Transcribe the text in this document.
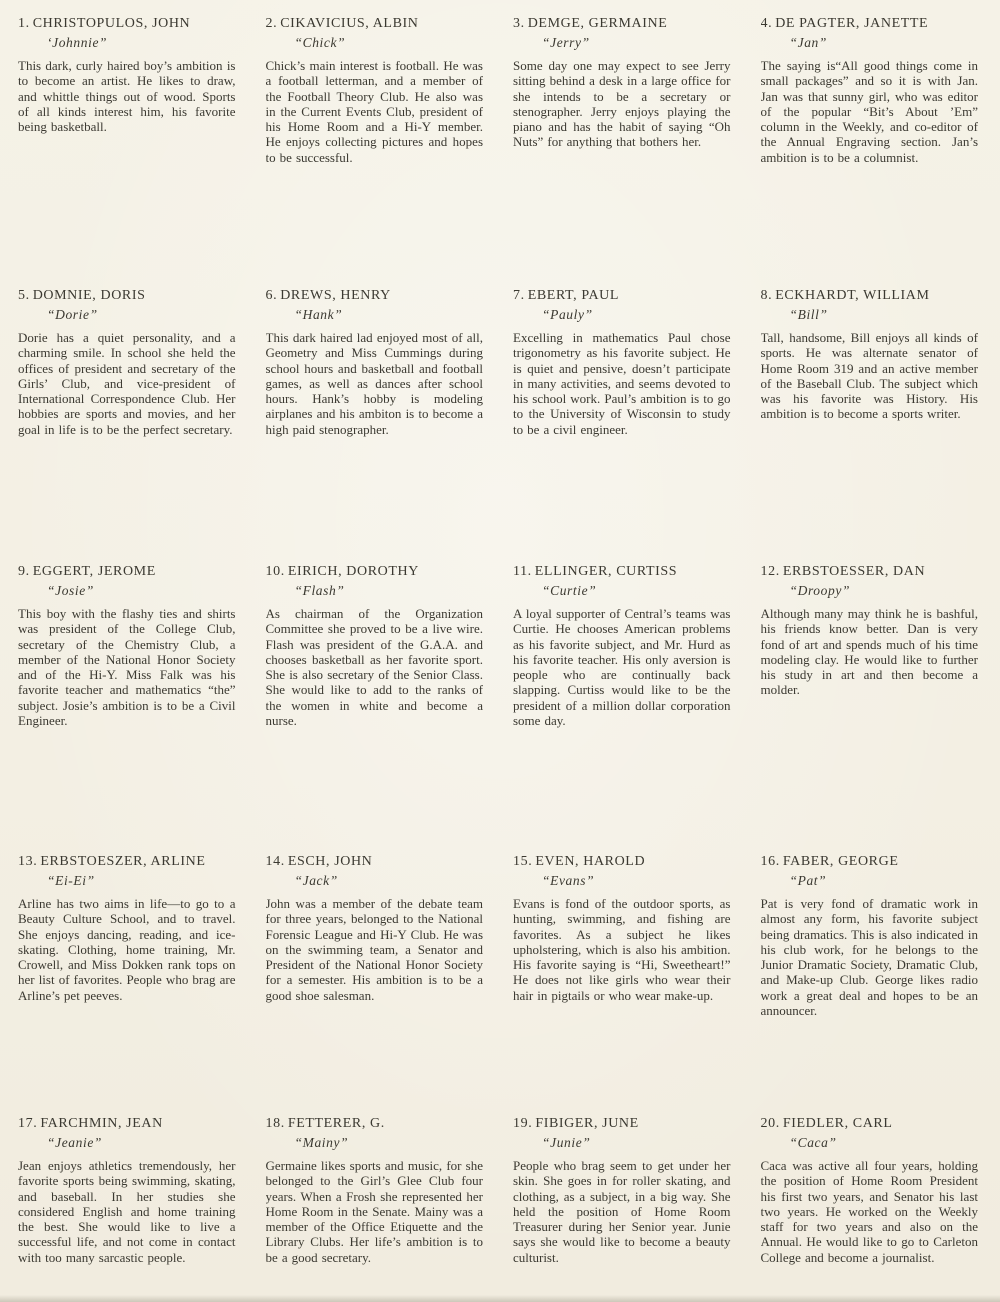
1. CHRISTOPULOS, JOHN
‘Johnnie”

This dark, curly haired boy’s ambition is to become an artist. He likes to draw, and whittle things out of wood. Sports of all kinds interest him, his favorite being basketball.

2. CIKAVICIUS, ALBIN
“Chick”

Chick’s main interest is football. He was a football letterman, and a member of the Football Theory Club. He also was in the Current Events Club, president of his Home Room and a Hi-Y member. He enjoys collecting pictures and hopes to be successful.

3. DEMGE, GERMAINE
“Jerry”

Some day one may expect to see Jerry sitting behind a desk in a large office for she intends to be a secretary or stenographer. Jerry enjoys playing the piano and has the habit of saying “Oh Nuts” for anything that bothers her.

4. DE PAGTER, JANETTE
“Jan”

The saying is“All good things come in small packages” and so it is with Jan. Jan was that sunny girl, who was editor of the popular “Bit’s About ’Em” column in the Weekly, and co-editor of the Annual Engraving section. Jan’s ambition is to be a columnist.

5. DOMNIE, DORIS
“Dorie”

Dorie has a quiet personality, and a charming smile. In school she held the offices of president and secretary of the Girls’ Club, and vice-president of International Correspondence Club. Her hobbies are sports and movies, and her goal in life is to be the perfect secretary.

6. DREWS, HENRY
“Hank”

This dark haired lad enjoyed most of all, Geometry and Miss Cummings during school hours and basketball and football games, as well as dances after school hours. Hank’s hobby is modeling airplanes and his ambiton is to become a high paid stenographer.

7. EBERT, PAUL
“Pauly”

Excelling in mathematics Paul chose trigonometry as his favorite subject. He is quiet and pensive, doesn’t participate in many activities, and seems devoted to his school work. Paul’s ambition is to go to the University of Wisconsin to study to be a civil engineer.

8. ECKHARDT, WILLIAM
“Bill”

Tall, handsome, Bill enjoys all kinds of sports. He was alternate senator of Home Room 319 and an active member of the Baseball Club. The subject which was his favorite was History. His ambition is to become a sports writer.

9. EGGERT, JEROME
“Josie”

This boy with the flashy ties and shirts was president of the College Club, secretary of the Chemistry Club, a member of the National Honor Society and of the Hi-Y. Miss Falk was his favorite teacher and mathematics “the” subject. Josie’s ambition is to be a Civil Engineer.

10. EIRICH, DOROTHY
“Flash”

As chairman of the Organization Committee she proved to be a live wire. Flash was president of the G.A.A. and chooses basketball as her favorite sport. She is also secretary of the Senior Class. She would like to add to the ranks of the women in white and become a nurse.

11. ELLINGER, CURTISS
“Curtie”

A loyal supporter of Central’s teams was Curtie. He chooses American problems as his favorite subject, and Mr. Hurd as his favorite teacher. His only aversion is people who are continually back slapping. Curtiss would like to be the president of a million dollar corporation some day.

12. ERBSTOESSER, DAN
“Droopy”

Although many may think he is bashful, his friends know better. Dan is very fond of art and spends much of his time modeling clay. He would like to further his study in art and then become a molder.

13. ERBSTOESZER, ARLINE
“Ei-Ei”

Arline has two aims in life—to go to a Beauty Culture School, and to travel. She enjoys dancing, reading, and ice-skating. Clothing, home training, Mr. Crowell, and Miss Dokken rank tops on her list of favorites. People who brag are Arline’s pet peeves.

14. ESCH, JOHN
“Jack”

John was a member of the debate team for three years, belonged to the National Forensic League and Hi-Y Club. He was on the swimming team, a Senator and President of the National Honor Society for a semester. His ambition is to be a good shoe salesman.

15. EVEN, HAROLD
“Evans”

Evans is fond of the outdoor sports, as hunting, swimming, and fishing are favorites. As a subject he likes upholstering, which is also his ambition. His favorite saying is “Hi, Sweetheart!” He does not like girls who wear their hair in pigtails or who wear make-up.

16. FABER, GEORGE
“Pat”

Pat is very fond of dramatic work in almost any form, his favorite subject being dramatics. This is also indicated in his club work, for he belongs to the Junior Dramatic Society, Dramatic Club, and Make-up Club. George likes radio work a great deal and hopes to be an announcer.

17. FARCHMIN, JEAN
“Jeanie”

Jean enjoys athletics tremendously, her favorite sports being swimming, skating, and baseball. In her studies she considered English and home training the best. She would like to live a successful life, and not come in contact with too many sarcastic people.

18. FETTERER, G.
“Mainy”

Germaine likes sports and music, for she belonged to the Girl’s Glee Club four years. When a Frosh she represented her Home Room in the Senate. Mainy was a member of the Office Etiquette and the Library Clubs. Her life’s ambition is to be a good secretary.

19. FIBIGER, JUNE
“Junie”

People who brag seem to get under her skin. She goes in for roller skating, and clothing, as a subject, in a big way. She held the position of Home Room Treasurer during her Senior year. Junie says she would like to become a beauty culturist.

20. FIEDLER, CARL
“Caca”

Caca was active all four years, holding the position of Home Room President his first two years, and Senator his last two years. He worked on the Weekly staff for two years and also on the Annual. He would like to go to Carleton College and become a journalist.
